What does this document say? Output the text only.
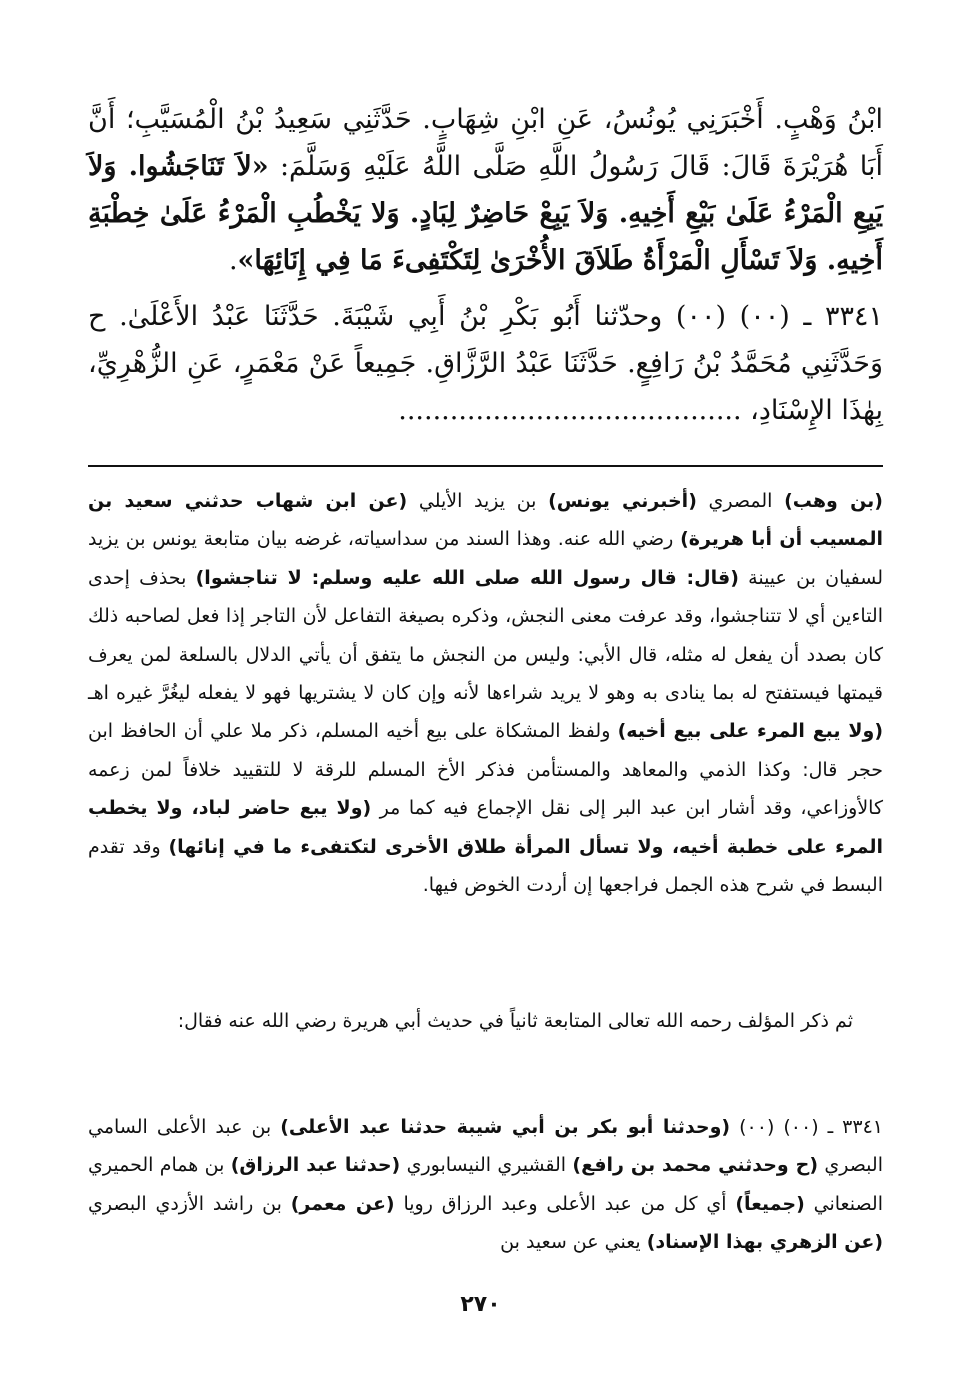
ابْنُ وَهْبٍ. أَخْبَرَنِي يُونُسُ، عَنِ ابْنِ شِهَابٍ. حَدَّثَنِي سَعِيدُ بْنُ الْمُسَيَّبِ؛ أَنَّ أَبَا هُرَيْرَةَ قَالَ: قَالَ رَسُولُ اللَّهِ صَلَّى اللَّهُ عَلَيْهِ وَسَلَّمَ: «لاَ تَنَاجَشُوا. وَلاَ يَبِعِ الْمَرْءُ عَلَىٰ بَيْعِ أَخِيهِ. وَلاَ يَبِعْ حَاضِرٌ لِبَادٍ. وَلا يَخْطُبِ الْمَرْءُ عَلَىٰ خِطْبَةِ أَخِيهِ. وَلاَ تَسْأَلِ الْمَرْأَةُ طَلاَقَ الأُخْرَىٰ لِتَكْتَفِىءَ مَا فِي إِنَائِهَا».

٣٣٤١ ـ (٠٠) (٠٠) وحدّثنا أَبُو بَكْرِ بْنُ أَبِي شَيْبَةَ. حَدَّثَنَا عَبْدُ الأَعْلَىٰ. ح وَحَدَّثَنِي مُحَمَّدُ بْنُ رَافِعٍ. حَدَّثَنَا عَبْدُ الرَّزَّاقِ. جَمِيعاً عَنْ مَعْمَرٍ، عَنِ الزُّهْرِيِّ، بِهٰذَا الإِسْنَادِ، ........................................

(بن وهب) المصري (أخبرني يونس) بن يزيد الأيلي (عن ابن شهاب حدثني سعيد بن المسيب أن أبا هريرة) رضي الله عنه. وهذا السند من سداسياته، غرضه بيان متابعة يونس بن يزيد لسفيان بن عيينة (قال: قال رسول الله صلى الله عليه وسلم: لا تناجشوا) بحذف إحدى التاءين أي لا تتناجشوا، وقد عرفت معنى النجش، وذكره بصيغة التفاعل لأن التاجر إذا فعل لصاحبه ذلك كان بصدد أن يفعل له مثله، قال الأبي: وليس من النجش ما يتفق أن يأتي الدلال بالسلعة لمن يعرف قيمتها فيستفتح له بما ينادى به وهو لا يريد شراءها لأنه وإن كان لا يشتريها فهو لا يفعله ليغُرَّ غيره اهـ (ولا يبع المرء على بيع أخيه) ولفظ المشكاة على بيع أخيه المسلم، ذكر ملا علي أن الحافظ ابن حجر قال: وكذا الذمي والمعاهد والمستأمن فذكر الأخ المسلم للرقة لا للتقييد خلافاً لمن زعمه كالأوزاعي، وقد أشار ابن عبد البر إلى نقل الإجماع فيه كما مر (ولا يبع حاضر لباد، ولا يخطب المرء على خطبة أخيه، ولا تسأل المرأة طلاق الأخرى لتكتفىء ما في إنائها) وقد تقدم البسط في شرح هذه الجمل فراجعها إن أردت الخوض فيها.

ثم ذكر المؤلف رحمه الله تعالى المتابعة ثانياً في حديث أبي هريرة رضي الله عنه فقال:

٣٣٤١ ـ (٠٠) (٠٠) (وحدثنا أبو بكر بن أبي شيبة حدثنا عبد الأعلى) بن عبد الأعلى السامي البصري (ح وحدثني محمد بن رافع) القشيري النيسابوري (حدثنا عبد الرزاق) بن همام الحميري الصنعاني (جميعاً) أي كل من عبد الأعلى وعبد الرزاق رويا (عن معمر) بن راشد الأزدي البصري (عن الزهري بهذا الإسناد) يعني عن سعيد بن

٢٧٠
